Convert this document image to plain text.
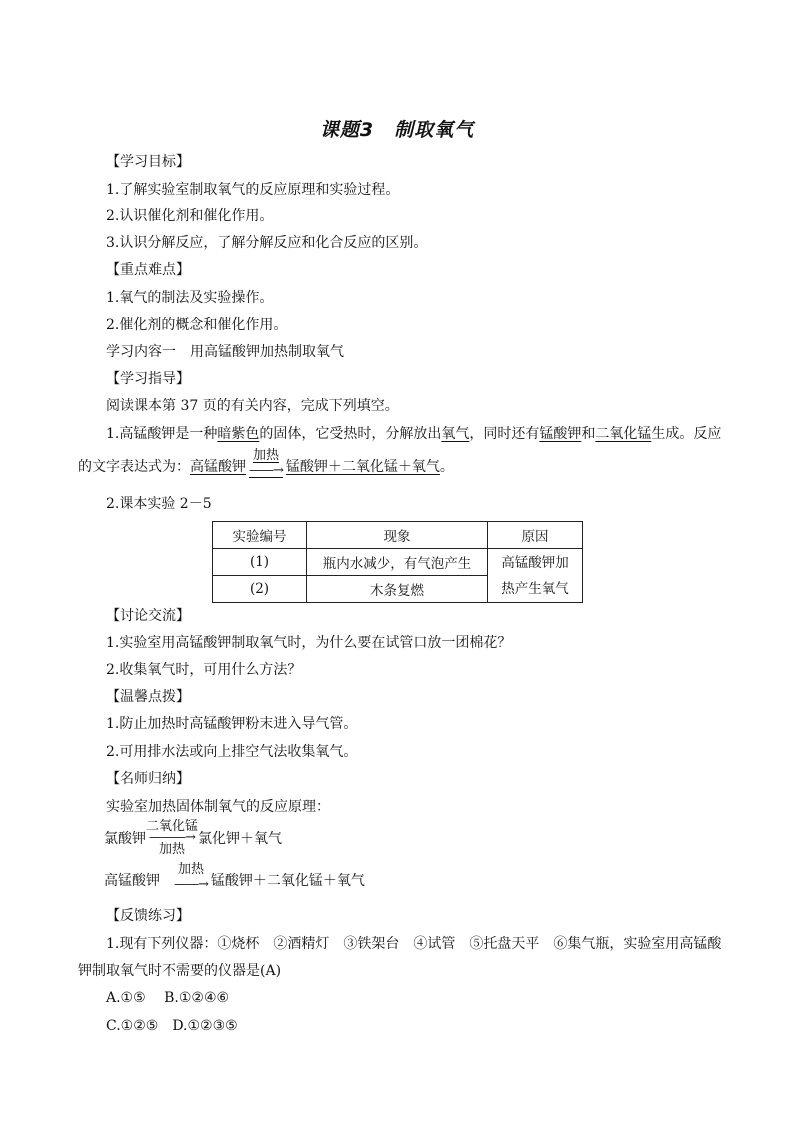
课题3　制取氧气
【学习目标】
1.了解实验室制取氧气的反应原理和实验过程。
2.认识催化剂和催化作用。
3.认识分解反应，了解分解反应和化合反应的区别。
【重点难点】
1.氧气的制法及实验操作。
2.催化剂的概念和催化作用。
学习内容一　用高锰酸钾加热制取氧气
【学习指导】
阅读课本第 37 页的有关内容，完成下列填空。
1.高锰酸钾是一种暗紫色的固体，它受热时，分解放出氧气，同时还有锰酸钾和二氧化锰生成。反应
的文字表达式为： 高锰酸钾
加热
——→ 锰酸钾＋二氧化锰＋氧气 。
2.课本实验 2－5
实验编号	现象	原因
(1)	瓶内水减少，有气泡产生	高锰酸钾加
热产生氧气

(2)	木条复燃	
【讨论交流】
1.实验室用高锰酸钾制取氧气时，为什么要在试管口放一团棉花？
2.收集氧气时，可用什么方法？
【温馨点拨】
1.防止加热时高锰酸钾粉末进入导气管。
2.可用排水法或向上排空气法收集氧气。
【名师归纳】
实验室加热固体制氧气的反应原理：
氯酸钾
二氧化锰
———→
加热
氯化钾＋氧气
高锰酸钾
加热
——→ 锰酸钾＋二氧化锰＋氧气
【反馈练习】
1.现有下列仪器：①烧杯　②酒精灯　③铁架台　④试管　⑤托盘天平　⑥集气瓶，实验室用高锰酸
钾制取氧气时不需要的仪器是(A)
A.①⑤　 B.①②④⑥
C.①②⑤　D.①②③⑤
